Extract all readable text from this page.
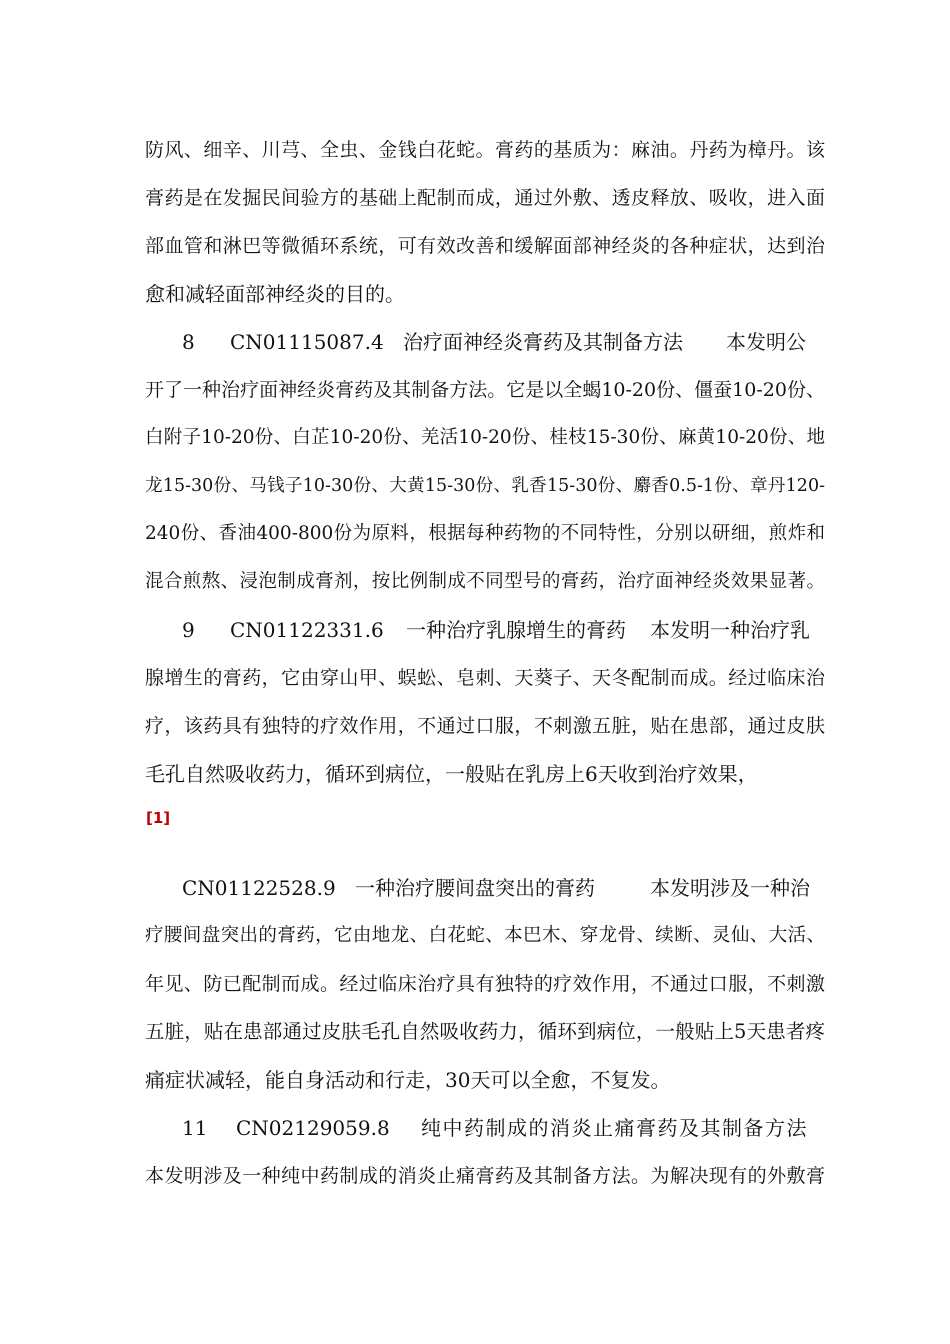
防风、细辛、川芎、全虫、金钱白花蛇。膏药的基质为：麻油。丹药为樟丹。该
膏药是在发掘民间验方的基础上配制而成，通过外敷、透皮释放、吸收，进入面
部血管和淋巴等微循环系统，可有效改善和缓解面部神经炎的各种症状，达到治
愈和减轻面部神经炎的目的。
8 CN01115087.4 治疗面神经炎膏药及其制备方法 本发明公
开了一种治疗面神经炎膏药及其制备方法。它是以全蝎10-20份、僵蚕10-20份、
白附子10-20份、白芷10-20份、羌活10-20份、桂枝15-30份、麻黄10-20份、地
龙15-30份、马钱子10-30份、大黄15-30份、乳香15-30份、麝香0.5-1份、章丹120-
240份、香油400-800份为原料，根据每种药物的不同特性，分别以研细，煎炸和
混合煎熬、浸泡制成膏剂，按比例制成不同型号的膏药，治疗面神经炎效果显著。
9 CN01122331.6 一种治疗乳腺增生的膏药 本发明一种治疗乳
腺增生的膏药，它由穿山甲、蜈蚣、皂刺、天葵子、天冬配制而成。经过临床治
疗，该药具有独特的疗效作用，不通过口服，不刺激五脏，贴在患部，通过皮肤
毛孔自然吸收药力，循环到病位，一般贴在乳房上6天收到治疗效果，
[1]
CN01122528.9 一种治疗腰间盘突出的膏药	本发明涉及一种治
疗腰间盘突出的膏药，它由地龙、白花蛇、本巴木、穿龙骨、续断、灵仙、大活、
年见、防已配制而成。经过临床治疗具有独特的疗效作用，不通过口服，不刺激
五脏，贴在患部通过皮肤毛孔自然吸收药力，循环到病位，一般贴上5天患者疼
痛症状减轻，能自身活动和行走，30天可以全愈，不复发。
11 CN02129059.8 纯中药制成的消炎止痛膏药及其制备方法
本发明涉及一种纯中药制成的消炎止痛膏药及其制备方法。为解决现有的外敷膏
